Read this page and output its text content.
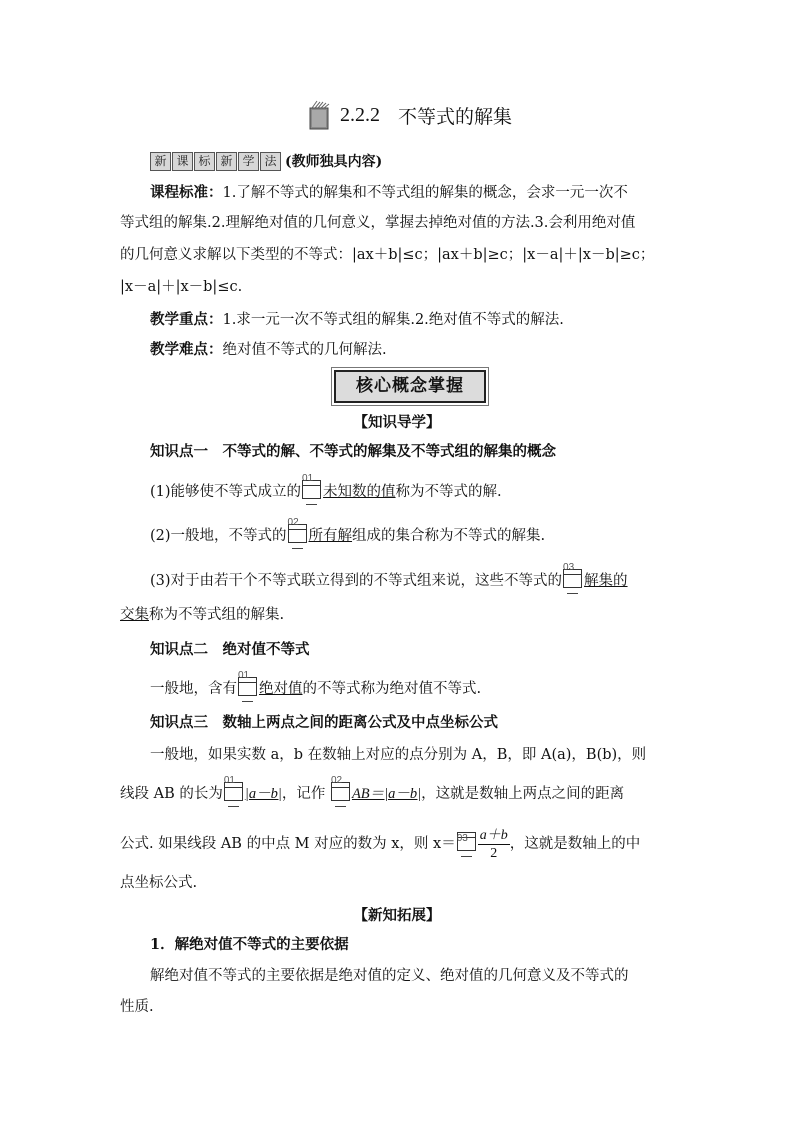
2.2.2 不等式的解集
新 课 标 新 学 法 (教师独具内容)
课程标准：1.了解不等式的解集和不等式组的解集的概念，会求一元一次不
等式组的解集.2.理解绝对值的几何意义，掌握去掉绝对值的方法.3.会利用绝对值
的几何意义求解以下类型的不等式：|ax＋b|≤c；|ax＋b|≥c；|x－a|＋|x－b|≥c；
|x－a|＋|x－b|≤c.
教学重点：1.求一元一次不等式组的解集.2.绝对值不等式的解法.
教学难点：绝对值不等式的几何解法.
核心概念掌握
【知识导学】
知识点一　不等式的解、不等式的解集及不等式组的解集的概念
(1)能够使不等式成立的
01
未知数的值称为不等式的解.
(2)一般地，不等式的
02
所有解组成的集合称为不等式的解集.
(3)对于由若干个不等式联立得到的不等式组来说，这些不等式的
03
解集的
交集称为不等式组的解集.
知识点二　绝对值不等式
一般地，含有
01
绝对值的不等式称为绝对值不等式.
知识点三　数轴上两点之间的距离公式及中点坐标公式
一般地，如果实数 a，b 在数轴上对应的点分别为 A，B，即 A(a)，B(b)，则
线段 AB 的长为
01
|a－b|，记作
02
AB＝|a－b|，这就是数轴上两点之间的距离
公式. 如果线段 AB 的中点 M 对应的数为 x，则 $x= 03 \frac{a+b}{2}$ ，这就是数轴上的中
点坐标公式.
【新知拓展】
1．解绝对值不等式的主要依据
解绝对值不等式的主要依据是绝对值的定义、绝对值的几何意义及不等式的
性质.
